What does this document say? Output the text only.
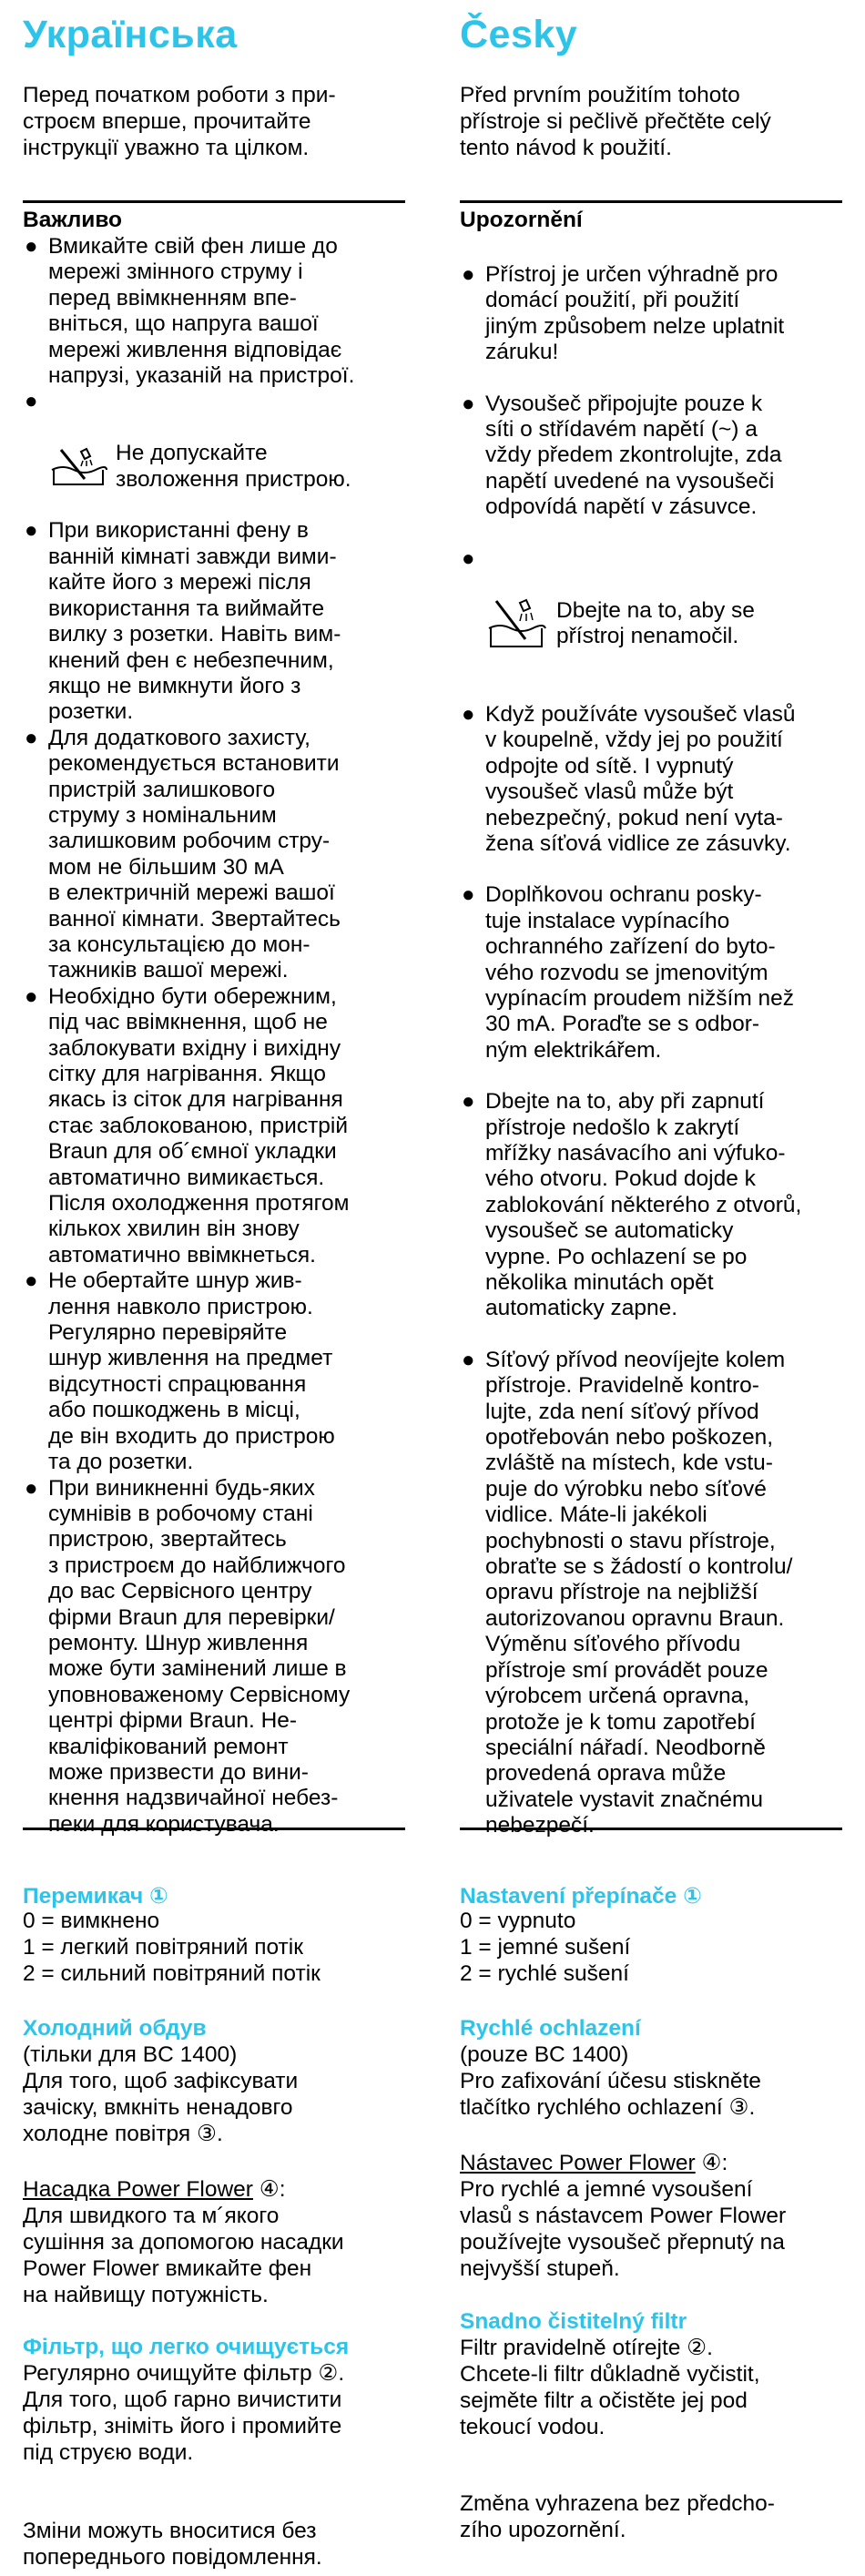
Українська

Перед початком роботи з при-
строєм вперше, прочитайте
інструкції уважно та цілком.

Важливо

● Вмикайте свій фен лише до
мережі змінного струму і
перед ввімкненням впе-
вніться, що напруга вашої
мережі живлення відповідає
напрузі, указаній на пристрої.

●

Не допускайте
зволоження пристрою.

● При використанні фену в
ванній кімнаті завжди вими-
кайте його з мережі після
використання та виймайте
вилку з розетки. Навіть вим-
кнений фен є небезпечним,
якщо не вимкнути його з
розетки.
● Для додаткового захисту,
рекомендується встановити
пристрій залишкового
струму з номінальним
залишковим робочим стру-
мом не більшим 30 мА
в електричній мережі вашої
ванної кімнати. Звертайтесь
за консультацією до мон-
тажників вашої мережі.
● Необхідно бути обережним,
під час ввімкнення, щоб не
заблокувати вхідну і вихідну
сітку для нагрівання. Якщо
якась із сіток для нагрівання
стає заблокованою, пристрій
Braun для об´ємної укладки
автоматично вимикається.
Після охолодження протягом
кількох хвилин він знову
автоматично ввімкнеться.
● Не обертайте шнур жив-
лення навколо пристрою.
Регулярно перевіряйте
шнур живлення на предмет
відсутності спрацювання
або пошкоджень в місці,
де він входить до пристрою
та до розетки.
● При виникненні будь-яких
сумнівів в робочому стані
пристрою, звертайтесь
з пристроєм до найближчого
до вас Сервісного центру
фірми Braun для перевірки/
ремонту. Шнур живлення
може бути замінений лише в
уповноваженому Сервісному
центрі фірми Braun. Не-
кваліфікований ремонт
може призвести до вини-
кнення надзвичайної небез-
пеки для користувача.

Перемикач ①

0 = вимкнено
1 = легкий повітряний потік
2 = сильний повітряний потік

Холодний обдув

(тільки для BC 1400)
Для того, щоб зафіксувати
зачіску, вмкніть ненадовго
холодне повітря ③.

Насадка Power Flower ④:

Для швидкого та м´якого
сушіння за допомогою насадки
Power Flower вмикайте фен
на найвищу потужність.

Фільтр, що легко очищується

Регулярно очищуйте фільтр ②.
Для того, щоб гарно вичистити
фільтр, зніміть його і промийте
під струєю води.

Зміни можуть вноситися без
попереднього повідомлення.

Česky

Před prvním použitím tohoto
přístroje si pečlivě přečtěte celý
tento návod k použití.

Upozornění

● Přístroj je určen výhradně pro
domácí použití, při použití
jiným způsobem nelze uplatnit
záruku!
● Vysoušeč připojujte pouze k
síti o střídavém napětí (~) a
vždy předem zkontrolujte, zda
napětí uvedené na vysoušeči
odpovídá napětí v zásuvce.

●

Dbejte na to, aby se
přístroj nenamočil.

● Když používáte vysoušeč vlasů
v koupelně, vždy jej po použití
odpojte od sítě. I vypnutý
vysoušeč vlasů může být
nebezpečný, pokud není vyta-
žena síťová vidlice ze zásuvky.
● Doplňkovou ochranu posky-
tuje instalace vypínacího
ochranného zařízení do byto-
vého rozvodu se jmenovitým
vypínacím proudem nižším než
30 mA. Poraďte se s odbor-
ným elektrikářem.
● Dbejte na to, aby při zapnutí
přístroje nedošlo k zakrytí
mřížky nasávacího ani výfuko-
vého otvoru. Pokud dojde k
zablokování některého z otvorů,
vysoušeč se automaticky
vypne. Po ochlazení se po
několika minutách opět
automaticky zapne.
● Síťový přívod neovíjejte kolem
přístroje. Pravidelně kontro-
lujte, zda není síťový přívod
opotřebován nebo poškozen,
zvláště na místech, kde vstu-
puje do výrobku nebo síťové
vidlice. Máte-li jakékoli
pochybnosti o stavu přístroje,
obraťte se s žádostí o kontrolu/
opravu přístroje na nejbližší
autorizovanou opravnu Braun.
Výměnu síťového přívodu
přístroje smí provádět pouze
výrobcem určená opravna,
protože je k tomu zapotřebí
speciální nářadí. Neodborně
provedená oprava může
uživatele vystavit značnému
nebezpečí.

Nastavení přepínače ①

0 = vypnuto
1 = jemné sušení
2 = rychlé sušení

Rychlé ochlazení

(pouze BC 1400)
Pro zafixování účesu stiskněte
tlačítko rychlého ochlazení ③.

Nástavec Power Flower ④:

Pro rychlé a jemné vysoušení
vlasů s nástavcem Power Flower
používejte vysoušeč přepnutý na
nejvyšší stupeň.

Snadno čistitelný filtr

Filtr pravidelně otírejte ②.
Chcete-li filtr důkladně vyčistit,
sejměte filtr a očistěte jej pod
tekoucí vodou.

Změna vyhrazena bez předcho-
zího upozornění.
